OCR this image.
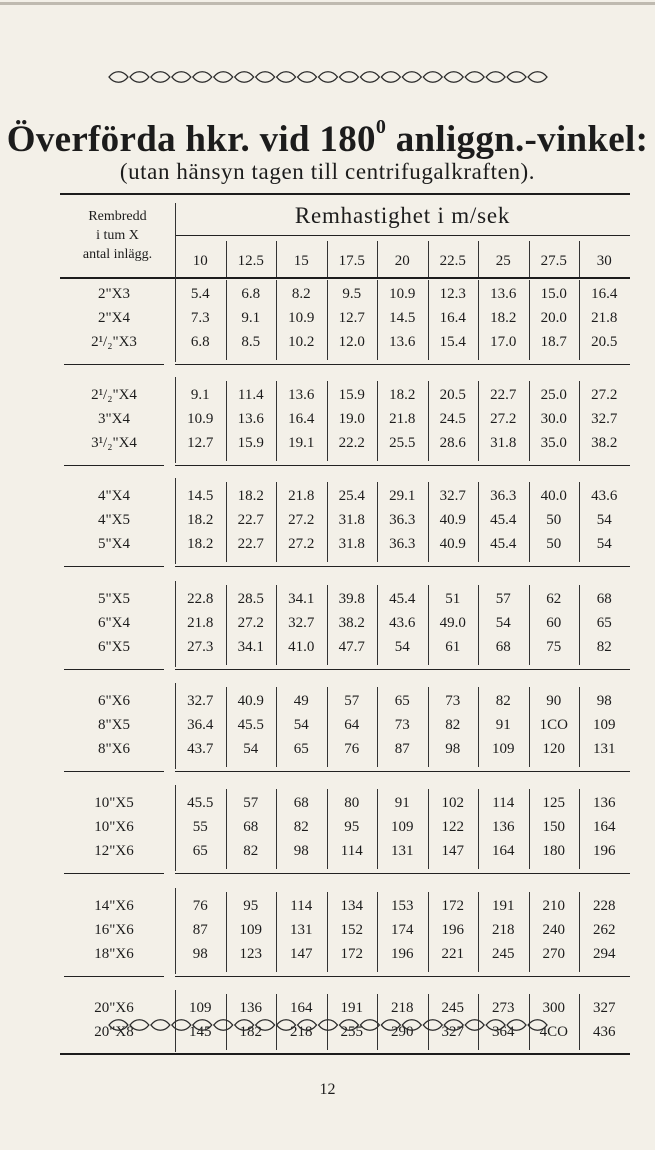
Överförda hkr. vid $180^0$ anliggn.-vinkel:
(utan hänsyn tagen till centrifugalkraften).
Rembredd
i tum X
antal inlägg.
Remhastighet i m/sek
10	12.5	15	17.5	20	22.5	25	27.5	30
2"X3	5.4	6.8	8.2	9.5	10.9	12.3	13.6	15.0	16.4
2"X4	7.3	9.1	10.9	12.7	14.5	16.4	18.2	20.0	21.8
2¹/₂"X3	6.8	8.5	10.2	12.0	13.6	15.4	17.0	18.7	20.5
2¹/₂"X4	9.1	11.4	13.6	15.9	18.2	20.5	22.7	25.0	27.2
3"X4	10.9	13.6	16.4	19.0	21.8	24.5	27.2	30.0	32.7
3¹/₂"X4	12.7	15.9	19.1	22.2	25.5	28.6	31.8	35.0	38.2
4"X4	14.5	18.2	21.8	25.4	29.1	32.7	36.3	40.0	43.6
4"X5	18.2	22.7	27.2	31.8	36.3	40.9	45.4	50	54
5"X4	18.2	22.7	27.2	31.8	36.3	40.9	45.4	50	54
5"X5	22.8	28.5	34.1	39.8	45.4	51	57	62	68
6"X4	21.8	27.2	32.7	38.2	43.6	49.0	54	60	65
6"X5	27.3	34.1	41.0	47.7	54	61	68	75	82
6"X6	32.7	40.9	49	57	65	73	82	90	98
8"X5	36.4	45.5	54	64	73	82	91	1CO	109
8"X6	43.7	54	65	76	87	98	109	120	131
10"X5	45.5	57	68	80	91	102	114	125	136
10"X6	55	68	82	95	109	122	136	150	164
12"X6	65	82	98	114	131	147	164	180	196
14"X6	76	95	114	134	153	172	191	210	228
16"X6	87	109	131	152	174	196	218	240	262
18"X6	98	123	147	172	196	221	245	270	294
20"X6	109	136	164	191	218	245	273	300	327
20"X8	145	182	218	255	290	327	364	4CO	436
12
